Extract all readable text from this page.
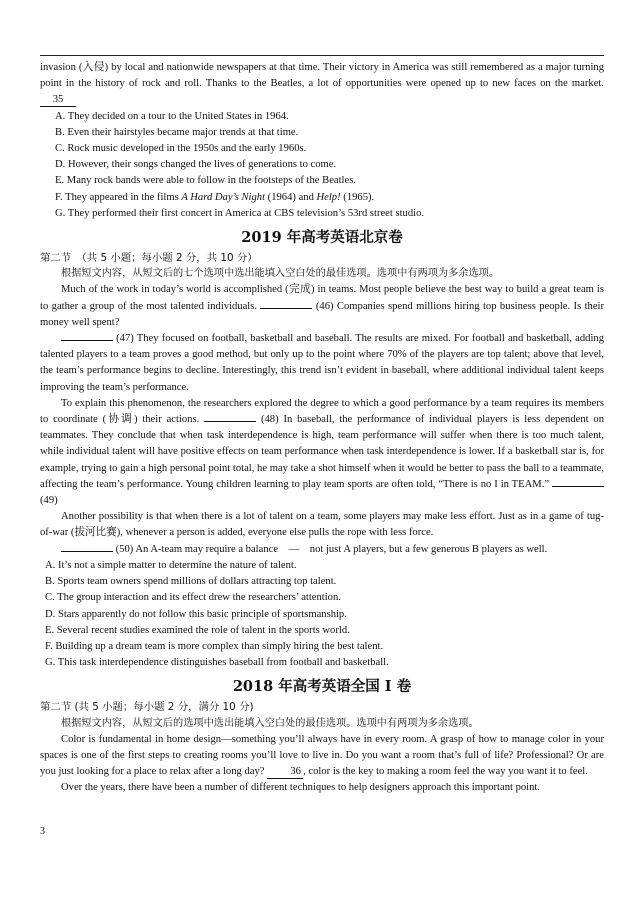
invasion (入侵) by local and nationwide newspapers at that time. Their victory in America was still remembered as a major turning point in the history of rock and roll. Thanks to the Beatles, a lot of opportunities were opened up to new faces on the market. 35

A. They decided on a tour to the United States in 1964.

B. Even their hairstyles became major trends at that time.

C. Rock music developed in the 1950s and the early 1960s.

D. However, their songs changed the lives of generations to come.

E. Many rock bands were able to follow in the footsteps of the Beatles.

F. They appeared in the films A Hard Day’s Night (1964) and Help! (1965).

G. They performed their first concert in America at CBS television’s 53rd street studio.

2019 年高考英语北京卷

第二节　（共 5 小题；每小题 2 分，共 10 分）

根据短文内容，从短文后的七个选项中选出能填入空白处的最佳选项。选项中有两项为多余选项。

Much of the work in today’s world is accomplished (完成) in teams. Most people believe the best way to build a great team is to gather a group of the most talented individuals.	(46) Companies spend millions hiring top business people. Is their money well spent?

(47) They focused on football, basketball and baseball. The results are mixed. For football and basketball, adding talented players to a team proves a good method, but only up to the point where 70% of the players are top talent; above that level, the team’s performance begins to decline. Interestingly, this trend isn’t evident in baseball, where additional individual talent keeps improving the team’s performance.

To explain this phenomenon, the researchers explored the degree to which a good performance by a team requires its members to coordinate (协调) their actions.	(48) In baseball, the performance of individual players is less dependent on teammates. They conclude that when task interdependence is high, team performance will suffer when there is too much talent, while individual talent will have positive effects on team performance when task interdependence is lower. If a basketball star is, for example, trying to gain a high personal point total, he may take a shot himself when it would be better to pass the ball to a teammate, affecting the team’s performance. Young children learning to play team sports are often told, “There is no I in TEAM.”  (49)

Another possibility is that when there is a lot of talent on a team, some players may make less effort. Just as in a game of tug-of-war (拔河比赛), whenever a person is added, everyone else pulls the rope with less force.

(50) An A-team may require a balance　—　not just A players, but a few generous B players as well.

A. It’s not a simple matter to determine the nature of talent.

B. Sports team owners spend millions of dollars attracting top talent.

C. The group interaction and its effect drew the researchers’ attention.

D. Stars apparently do not follow this basic principle of sportsmanship.

E. Several recent studies examined the role of talent in the sports world.

F. Building up a dream team is more complex than simply hiring the best talent.

G. This task interdependence distinguishes baseball from football and basketball.

2018 年高考英语全国 I 卷

第二节 (共 5 小题；每小题 2 分，满分 10 分)

根据短文内容，从短文后的选项中选出能填入空白处的最佳选项。选项中有两项为多余选项。

Color is fundamental in home design—something you’ll always have in every room. A grasp of how to manage color in your spaces is one of the first steps to creating rooms you’ll love to live in. Do you want a room that’s full of life? Professional? Or are you just looking for a place to relax after a long day? 36 , color is the key to making a room feel the way you want it to feel.

Over the years, there have been a number of different techniques to help designers approach this important point.

3
